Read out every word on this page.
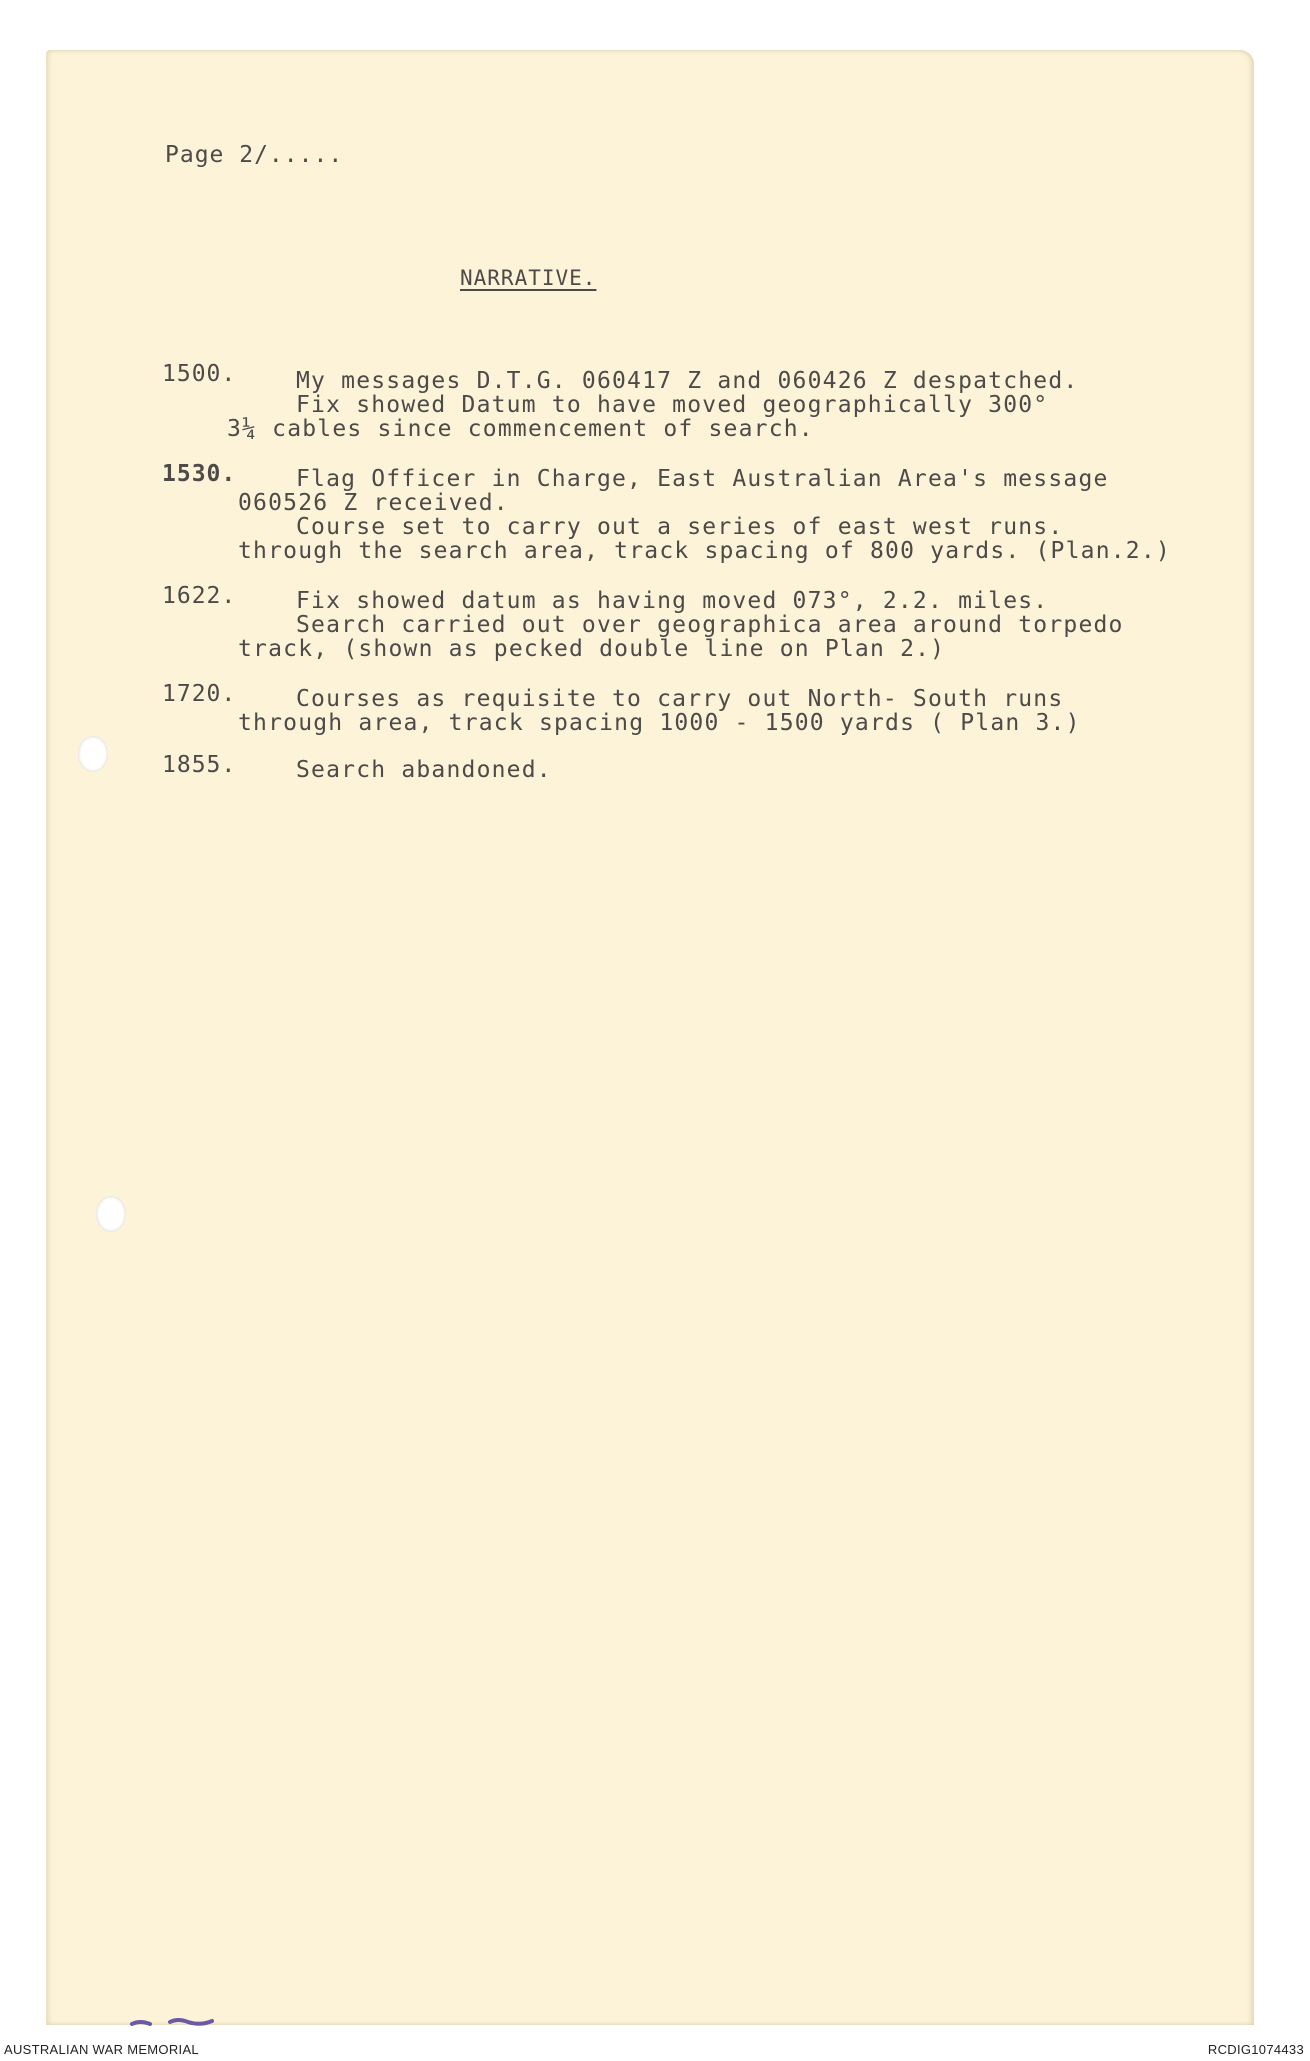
Page 2/.....
NARRATIVE.
1500.	My messages D.T.G. 060417 Z and 060426 Z despatched.
Fix showed Datum to have moved geographically 300°
3¼ cables since commencement of search.
1530.	Flag Officer in Charge, East Australian Area's message
060526 Z received.
Course set to carry out a series of east west runs.
through the search area, track spacing of 800 yards. (Plan.2.)
1622.	Fix showed datum as having moved 073°, 2.2. miles.
Search carried out over geographica area around torpedo
track, (shown as pecked double line on Plan 2.)
1720.	Courses as requisite to carry out North- South runs
through area, track spacing 1000 - 1500 yards ( Plan 3.)
1855.	Search abandoned.
AUSTRALIAN WAR MEMORIAL	RCDIG1074433
